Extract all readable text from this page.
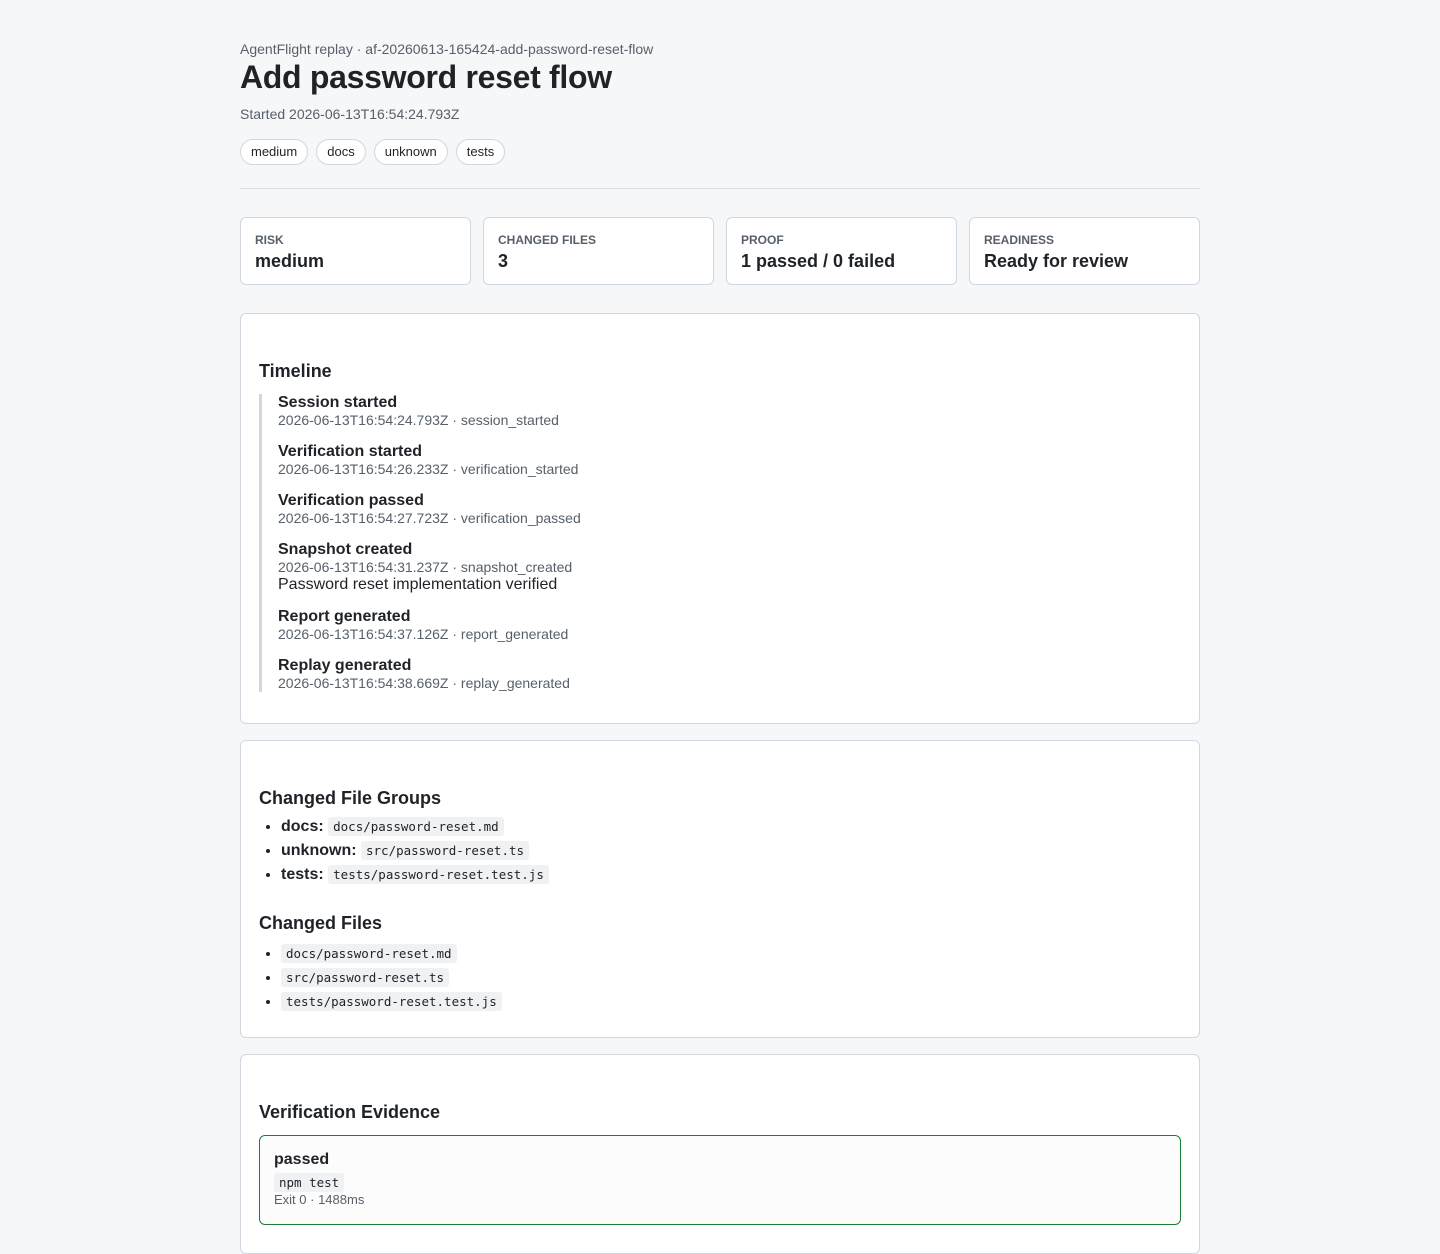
AgentFlight replay · af-20260613-165424-add-password-reset-flow
Add password reset flow
Started 2026-06-13T16:54:24.793Z
medium	docs	unknown	tests
RISK
medium
CHANGED FILES
3
PROOF
1 passed / 0 failed
READINESS
Ready for review
Timeline
Session started
2026-06-13T16:54:24.793Z · session_started
Verification started
2026-06-13T16:54:26.233Z · verification_started
Verification passed
2026-06-13T16:54:27.723Z · verification_passed
Snapshot created
2026-06-13T16:54:31.237Z · snapshot_created
Password reset implementation verified
Report generated
2026-06-13T16:54:37.126Z · report_generated
Replay generated
2026-06-13T16:54:38.669Z · replay_generated
Changed File Groups
• docs: docs/password-reset.md
• unknown: src/password-reset.ts
• tests: tests/password-reset.test.js
Changed Files
• docs/password-reset.md
• src/password-reset.ts
• tests/password-reset.test.js
Verification Evidence
passed
npm test
Exit 0 · 1488ms
